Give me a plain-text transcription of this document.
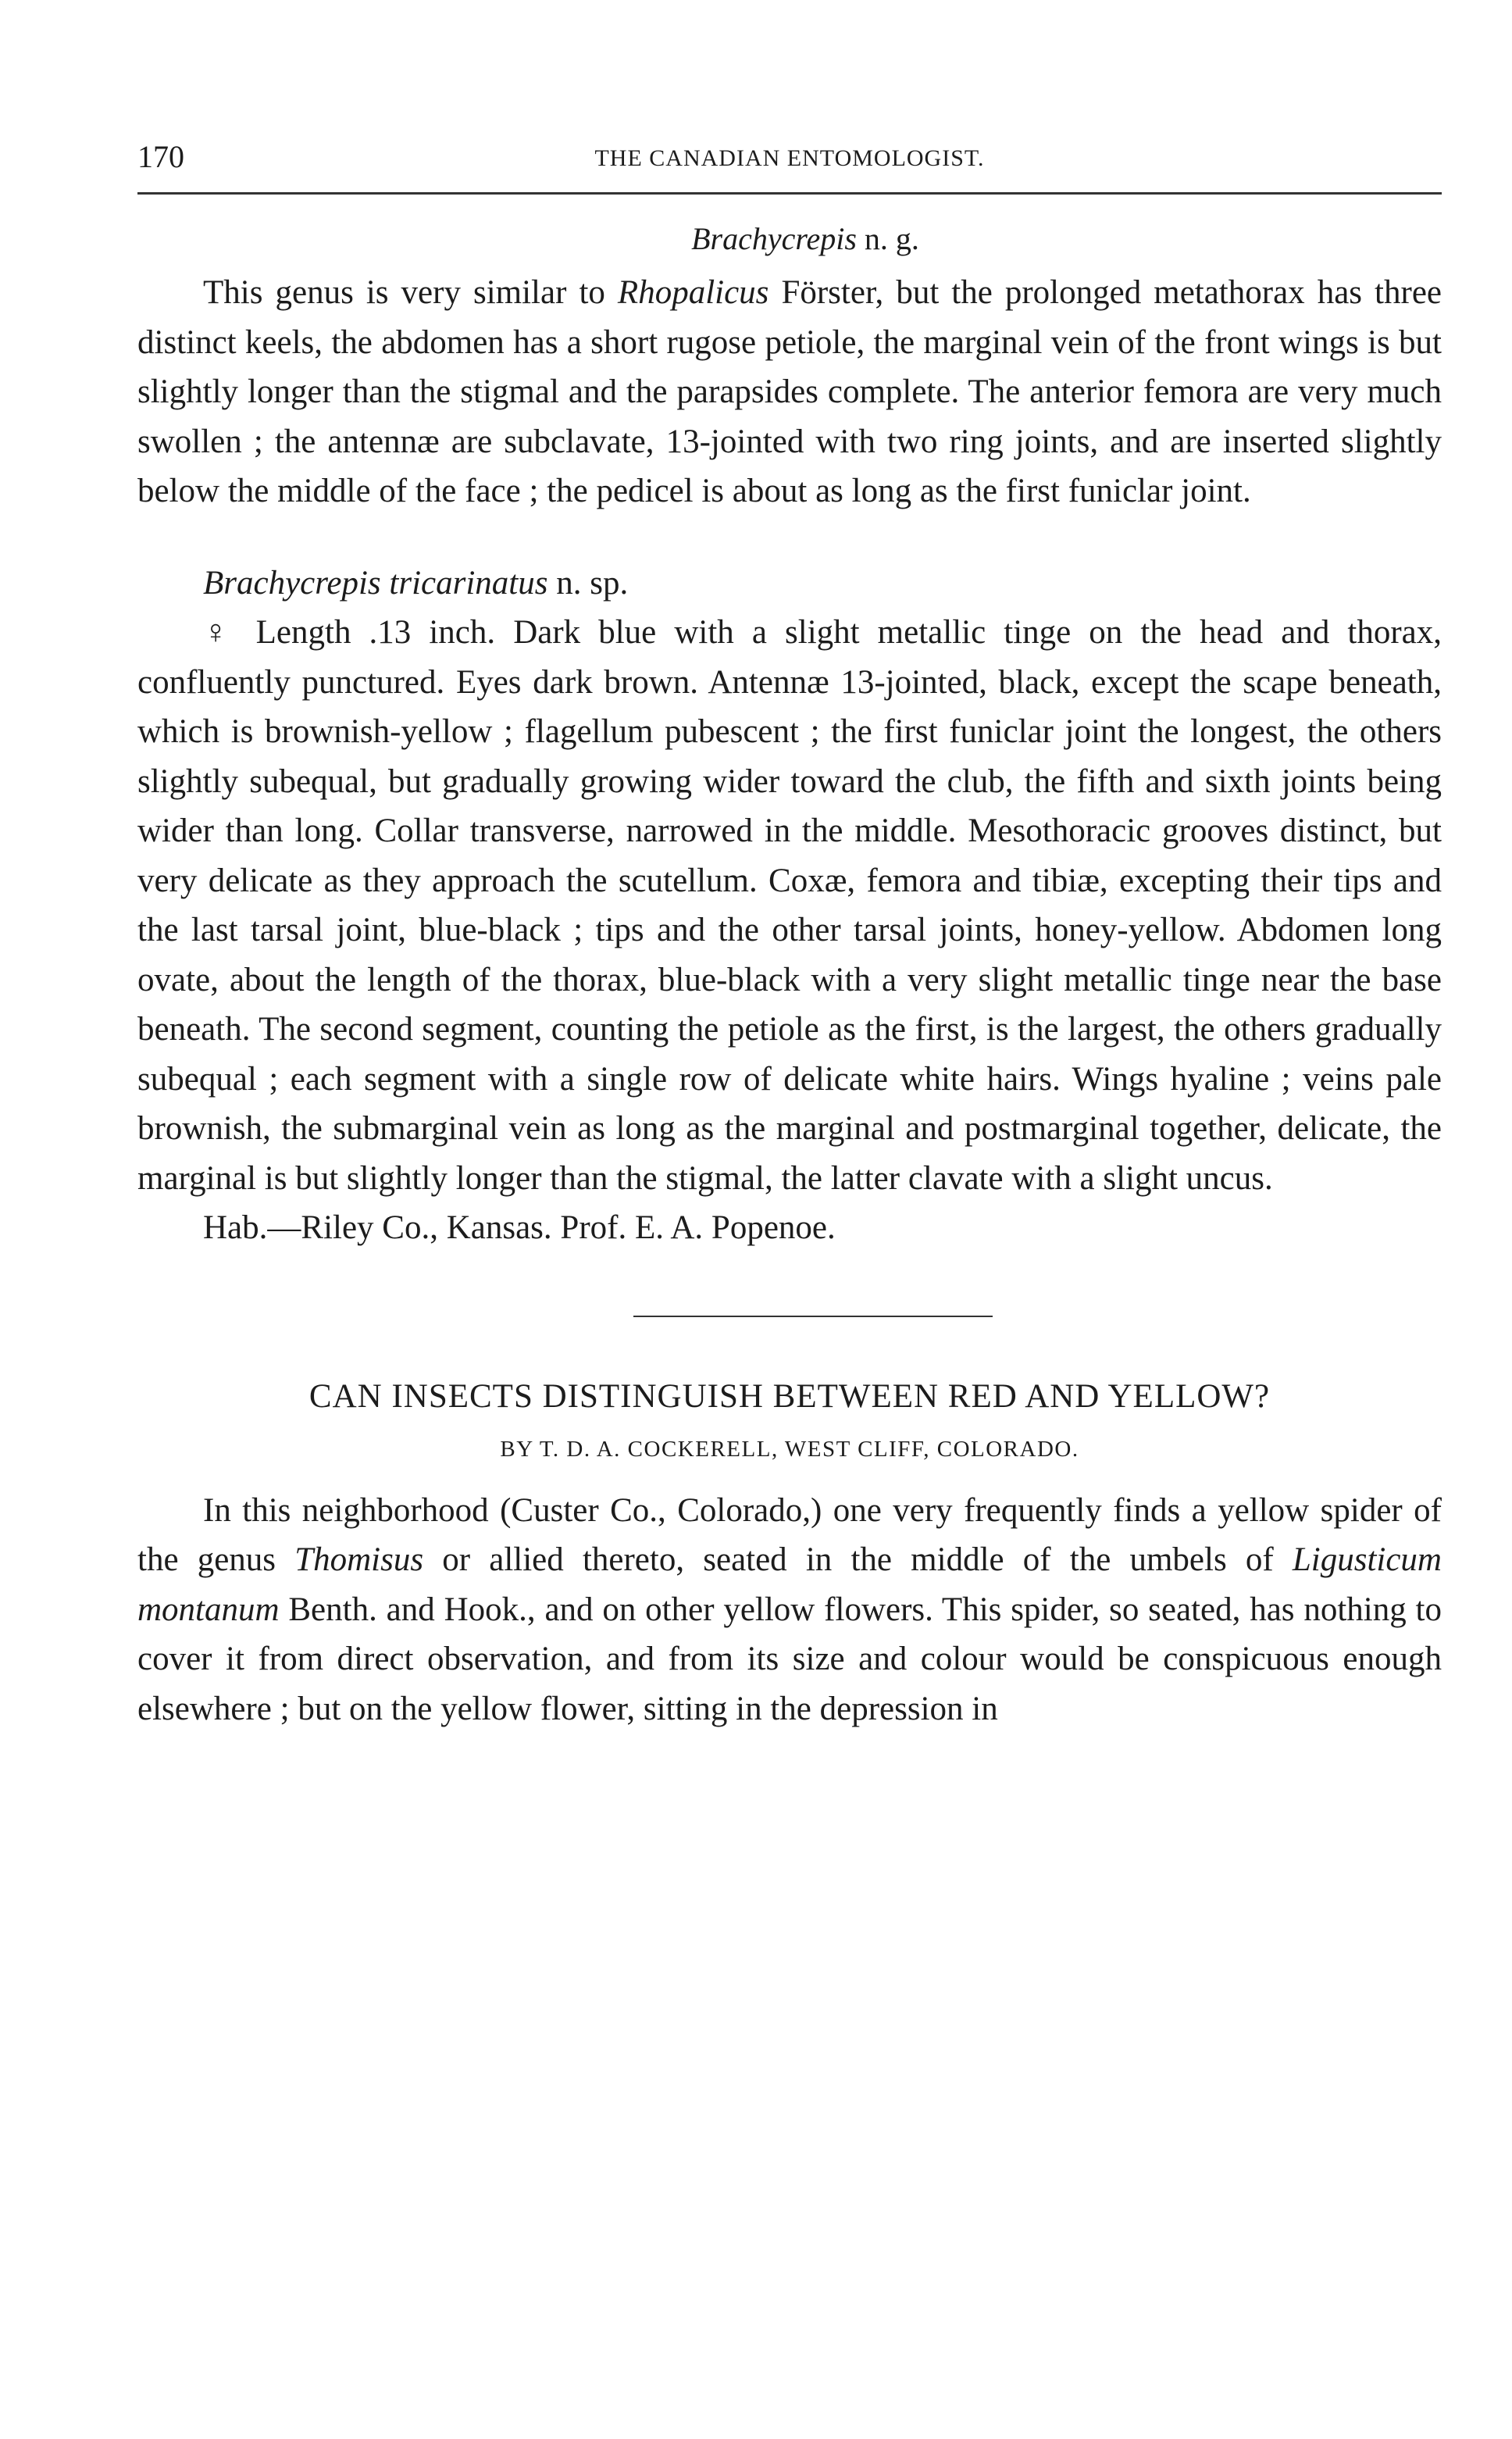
170	THE CANADIAN ENTOMOLOGIST.
Brachycrepis n. g.

This genus is very similar to Rhopalicus Förster, but the prolonged metathorax has three distinct keels, the abdomen has a short rugose petiole, the marginal vein of the front wings is but slightly longer than the stigmal and the parapsides complete. The anterior femora are very much swollen ; the antennæ are subclavate, 13-jointed with two ring joints, and are inserted slightly below the middle of the face ; the pedicel is about as long as the first funiclar joint.

Brachycrepis tricarinatus n. sp.

♀ Length .13 inch. Dark blue with a slight metallic tinge on the head and thorax, confluently punctured. Eyes dark brown. Antennæ 13-jointed, black, except the scape beneath, which is brownish-yellow ; flagellum pubescent ; the first funiclar joint the longest, the others slightly subequal, but gradually growing wider toward the club, the fifth and sixth joints being wider than long. Collar transverse, narrowed in the middle. Mesothoracic grooves distinct, but very delicate as they approach the scutellum. Coxæ, femora and tibiæ, excepting their tips and the last tarsal joint, blue-black ; tips and the other tarsal joints, honey-yellow. Abdomen long ovate, about the length of the thorax, blue-black with a very slight metallic tinge near the base beneath. The second segment, counting the petiole as the first, is the largest, the others gradually subequal ; each segment with a single row of delicate white hairs. Wings hyaline ; veins pale brownish, the submarginal vein as long as the marginal and postmarginal together, delicate, the marginal is but slightly longer than the stigmal, the latter clavate with a slight uncus.

Hab.—Riley Co., Kansas. Prof. E. A. Popenoe.

CAN INSECTS DISTINGUISH BETWEEN RED AND YELLOW?
BY T. D. A. COCKERELL, WEST CLIFF, COLORADO.

In this neighborhood (Custer Co., Colorado,) one very frequently finds a yellow spider of the genus Thomisus or allied thereto, seated in the middle of the umbels of Ligusticum montanum Benth. and Hook., and on other yellow flowers. This spider, so seated, has nothing to cover it from direct observation, and from its size and colour would be conspicuous enough elsewhere ; but on the yellow flower, sitting in the depression in
